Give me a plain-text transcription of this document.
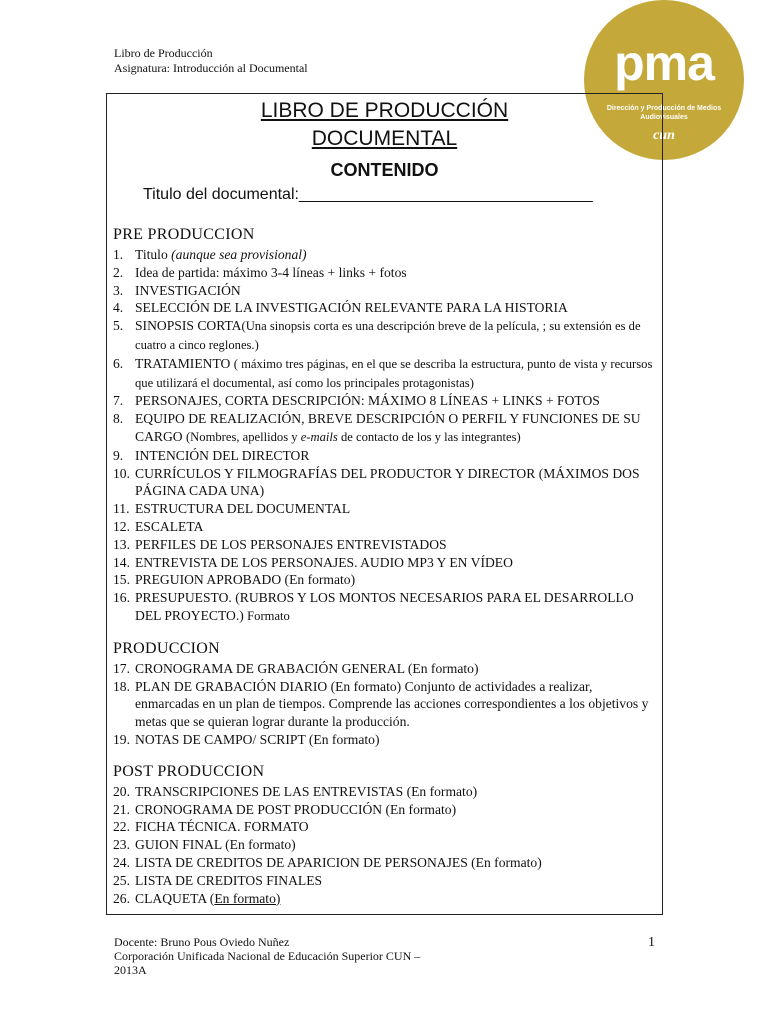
Libro de Producción
Asignatura: Introducción al Documental	pma
Dirección y Producción de Medios Audiovisuales
cun
LIBRO DE PRODUCCIÓN
DOCUMENTAL
CONTENIDO
Titulo del documental:_________________________________
PRE PRODUCCION
1. Titulo (aunque sea provisional)
2. Idea de partida: máximo 3-4 líneas + links + fotos
3. INVESTIGACIÓN
4. SELECCIÓN DE LA INVESTIGACIÓN RELEVANTE PARA LA HISTORIA
5. SINOPSIS CORTA(Una sinopsis corta es una descripción breve de la película, ; su extensión es de cuatro a cinco reglones.)
6. TRATAMIENTO ( máximo tres páginas, en el que se describa la estructura, punto de vista y recursos que utilizará el documental, así como los principales protagonistas)
7. PERSONAJES, CORTA DESCRIPCIÓN: MÁXIMO 8 LÍNEAS + LINKS + FOTOS
8. EQUIPO DE REALIZACIÓN, BREVE DESCRIPCIÓN O PERFIL Y FUNCIONES DE SU CARGO (Nombres, apellidos y e-mails de contacto de los y las integrantes)
9. INTENCIÓN DEL DIRECTOR
10. CURRÍCULOS Y FILMOGRAFÍAS DEL PRODUCTOR Y DIRECTOR (MÁXIMOS DOS PÁGINA CADA UNA)
11. ESTRUCTURA DEL DOCUMENTAL
12. ESCALETA
13. PERFILES DE LOS PERSONAJES ENTREVISTADOS
14. ENTREVISTA DE LOS PERSONAJES. AUDIO MP3 Y EN VÍDEO
15. PREGUION APROBADO (En formato)
16. PRESUPUESTO. (RUBROS Y LOS MONTOS NECESARIOS PARA EL DESARROLLO DEL PROYECTO.) Formato
PRODUCCION
17. CRONOGRAMA DE GRABACIÓN GENERAL (En formato)
18. PLAN DE GRABACIÓN DIARIO (En formato) Conjunto de actividades a realizar, enmarcadas en un plan de tiempos. Comprende las acciones correspondientes a los objetivos y metas que se quieran lograr durante la producción.
19. NOTAS DE CAMPO/ SCRIPT (En formato)
POST PRODUCCION
20. TRANSCRIPCIONES DE LAS ENTREVISTAS (En formato)
21. CRONOGRAMA DE POST PRODUCCIÓN (En formato)
22. FICHA TÉCNICA. FORMATO
23. GUION FINAL (En formato)
24. LISTA DE CREDITOS DE APARICION DE PERSONAJES (En formato)
25. LISTA DE CREDITOS FINALES
26. CLAQUETA (En formato)
Docente: Bruno Pous Oviedo Nuñez
Corporación Unificada Nacional de Educación Superior CUN – 2013A
1
